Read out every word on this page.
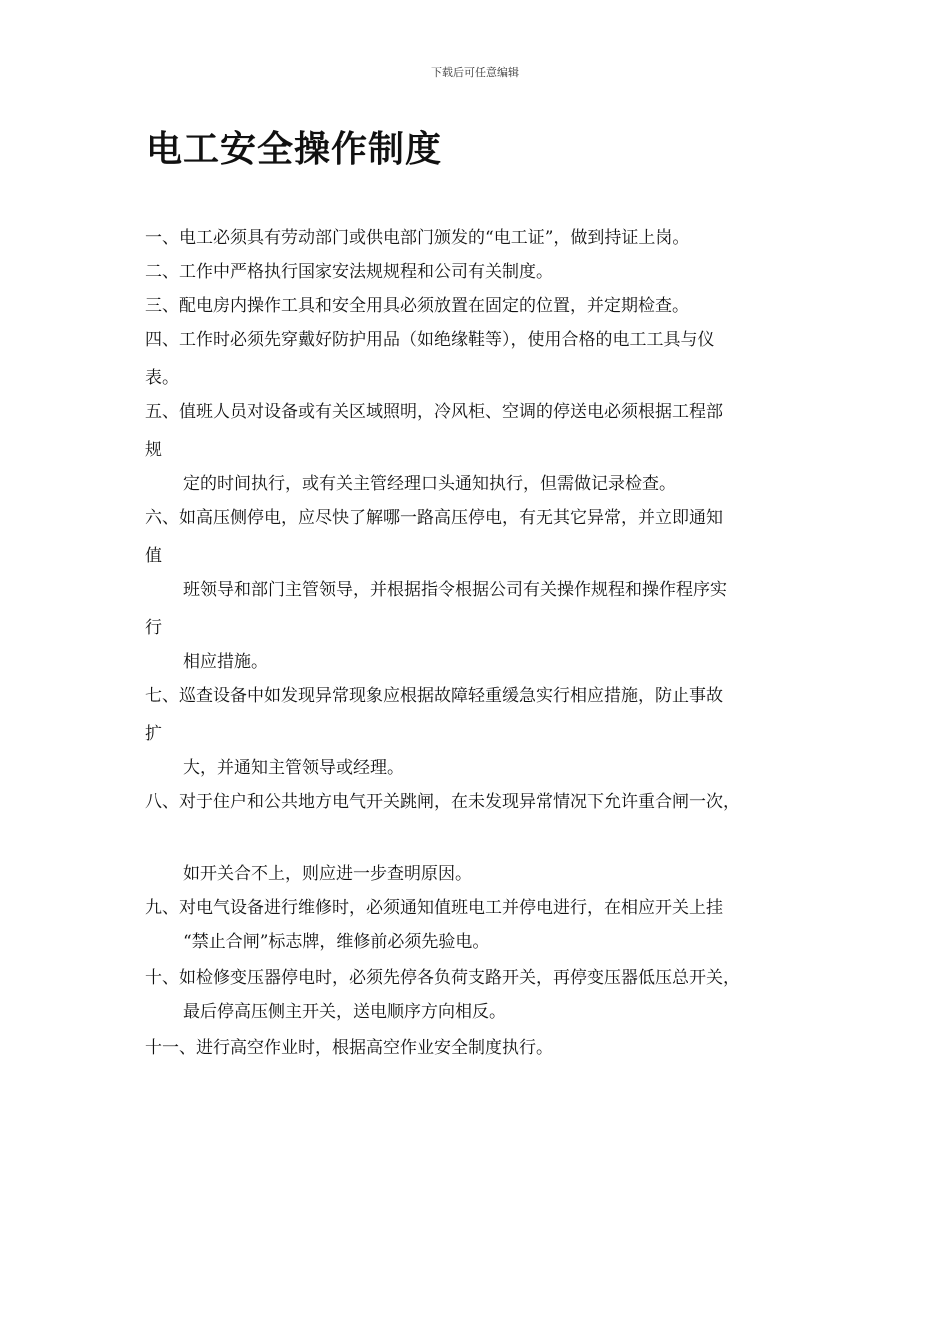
下载后可任意编辑
电工安全操作制度
一、电工必须具有劳动部门或供电部门颁发的“电工证”，做到持证上岗。
二、工作中严格执行国家安法规规程和公司有关制度。
三、配电房内操作工具和安全用具必须放置在固定的位置，并定期检查。
四、工作时必须先穿戴好防护用品（如绝缘鞋等），使用合格的电工工具与仪
表。
五、值班人员对设备或有关区域照明，冷风柜、空调的停送电必须根据工程部
规
定的时间执行，或有关主管经理口头通知执行，但需做记录检查。
六、如高压侧停电，应尽快了解哪一路高压停电，有无其它异常，并立即通知
值
班领导和部门主管领导，并根据指令根据公司有关操作规程和操作程序实
行
相应措施。
七、巡查设备中如发现异常现象应根据故障轻重缓急实行相应措施，防止事故
扩
大，并通知主管领导或经理。
八、对于住户和公共地方电气开关跳闸，在未发现异常情况下允许重合闸一次，
如开关合不上，则应进一步查明原因。
九、对电气设备进行维修时，必须通知值班电工并停电进行，在相应开关上挂
“禁止合闸”标志牌，维修前必须先验电。
十、如检修变压器停电时，必须先停各负荷支路开关，再停变压器低压总开关，
最后停高压侧主开关，送电顺序方向相反。
十一、进行高空作业时，根据高空作业安全制度执行。
